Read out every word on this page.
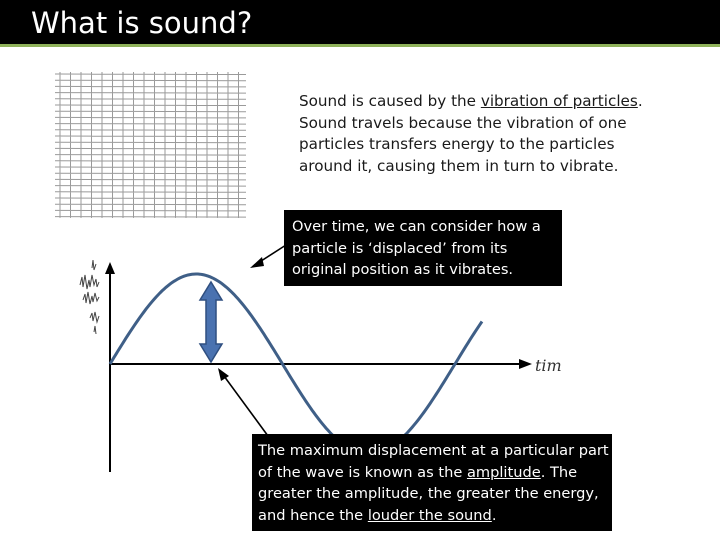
What is sound?
Sound is caused by the vibration of particles. Sound travels because the vibration of one particles transfers energy to the particles around it, causing them in turn to vibrate.
Over time, we can consider how a particle is ‘displaced’ from its original position as it vibrates.
The maximum displacement at a particular part of the wave is known as the amplitude. The greater the amplitude, the greater the energy, and hence the louder the sound.
tim
